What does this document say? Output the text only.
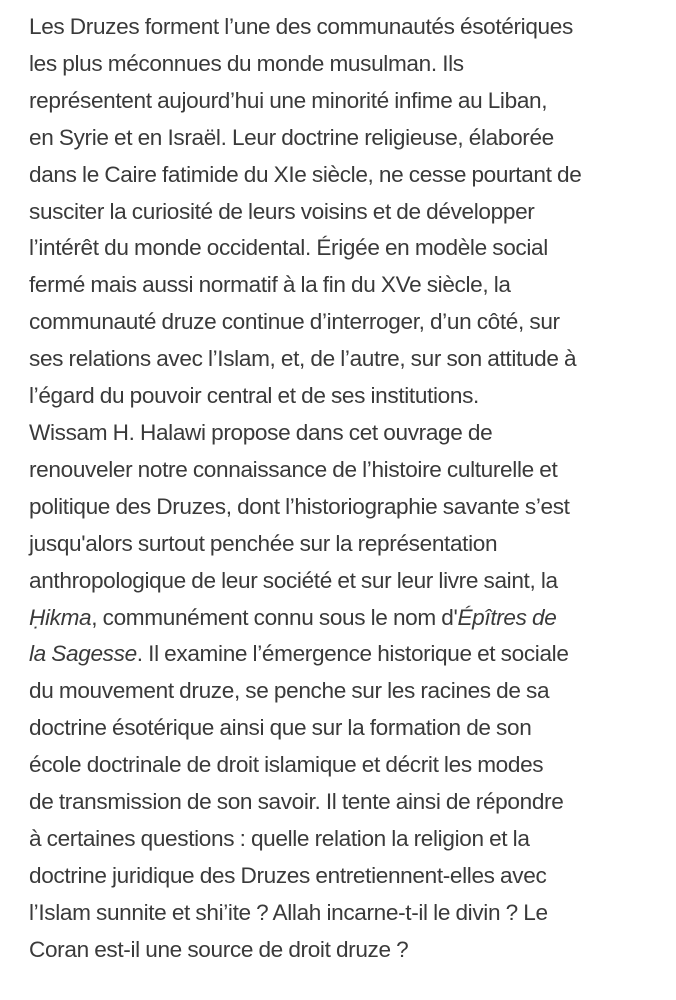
Les Druzes forment l’une des communautés ésotériques
les plus méconnues du monde musulman. Ils
représentent aujourd’hui une minorité infime au Liban,
en Syrie et en Israël. Leur doctrine religieuse, élaborée
dans le Caire fatimide du XIe siècle, ne cesse pourtant de
susciter la curiosité de leurs voisins et de développer
l’intérêt du monde occidental. Érigée en modèle social
fermé mais aussi normatif à la fin du XVe siècle, la
communauté druze continue d’interroger, d’un côté, sur
ses relations avec l’Islam, et, de l’autre, sur son attitude à
l’égard du pouvoir central et de ses institutions.
Wissam H. Halawi propose dans cet ouvrage de
renouveler notre connaissance de l’histoire culturelle et
politique des Druzes, dont l’historiographie savante s’est
jusqu'alors surtout penchée sur la représentation
anthropologique de leur société et sur leur livre saint, la
Ḥikma, communément connu sous le nom d'Épîtres de
la Sagesse. Il examine l’émergence historique et sociale
du mouvement druze, se penche sur les racines de sa
doctrine ésotérique ainsi que sur la formation de son
école doctrinale de droit islamique et décrit les modes
de transmission de son savoir. Il tente ainsi de répondre
à certaines questions : quelle relation la religion et la
doctrine juridique des Druzes entretiennent-elles avec
l’Islam sunnite et shi’ite ? Allah incarne-t-il le divin ? Le
Coran est-il une source de droit druze ?
